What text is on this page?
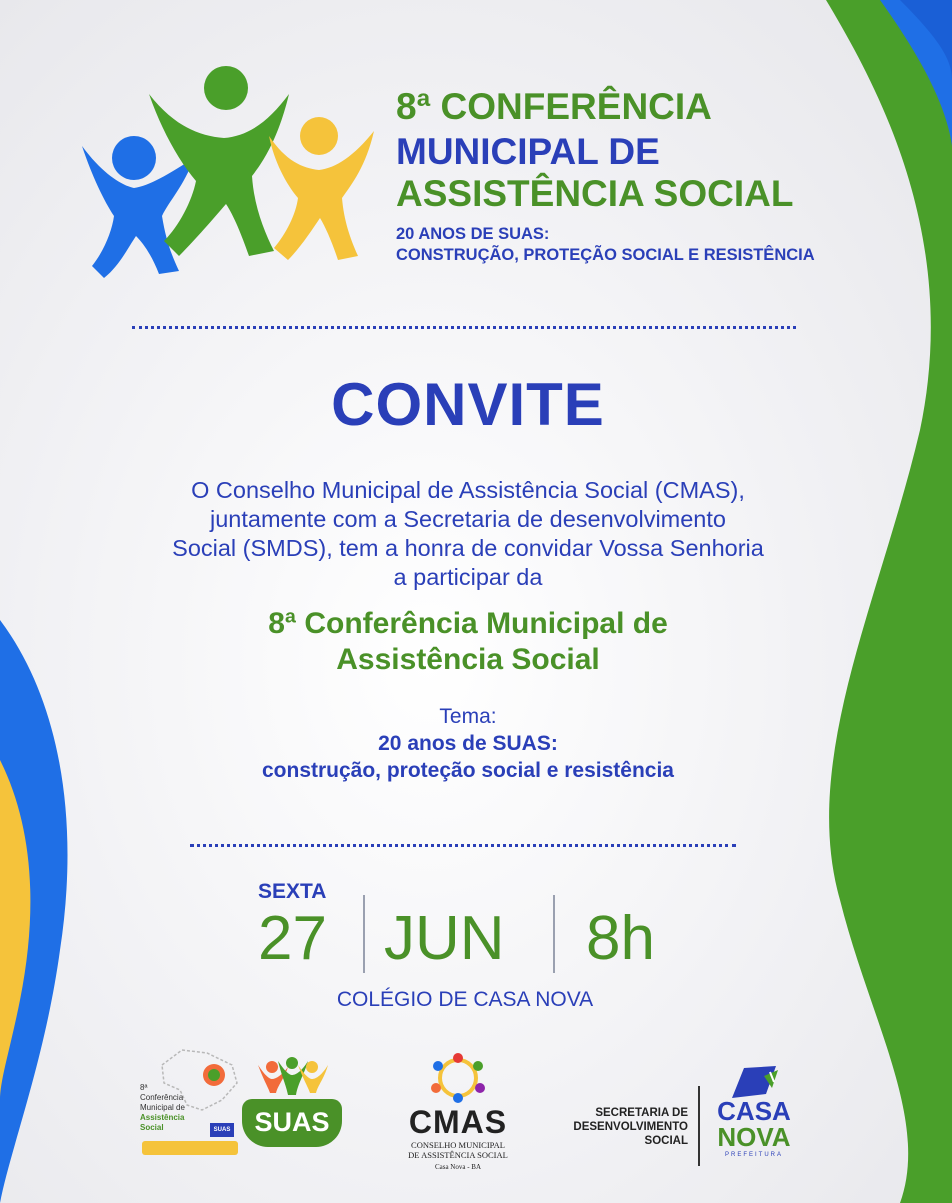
8ª CONFERÊNCIA
MUNICIPAL DE
ASSISTÊNCIA SOCIAL
20 ANOS DE SUAS:
CONSTRUÇÃO, PROTEÇÃO SOCIAL E RESISTÊNCIA
CONVITE
O Conselho Municipal de Assistência Social (CMAS),
juntamente com a Secretaria de desenvolvimento
Social (SMDS), tem a honra de convidar Vossa Senhoria
a participar da
8ª Conferência Municipal de
Assistência Social
Tema:
20 anos de SUAS:
construção, proteção social e resistência
SEXTA
27 JUN 8h
COLÉGIO DE CASA NOVA
8ª
Conferência
Municipal de
Assistência
Social	SUAS SUAS	CMAS
CONSELHO MUNICIPAL
DE ASSISTÊNCIA SOCIAL
Casa Nova - BA
SECRETARIA DE
DESENVOLVIMENTO
SOCIAL
CASA
NOVA
PREFEITURA
